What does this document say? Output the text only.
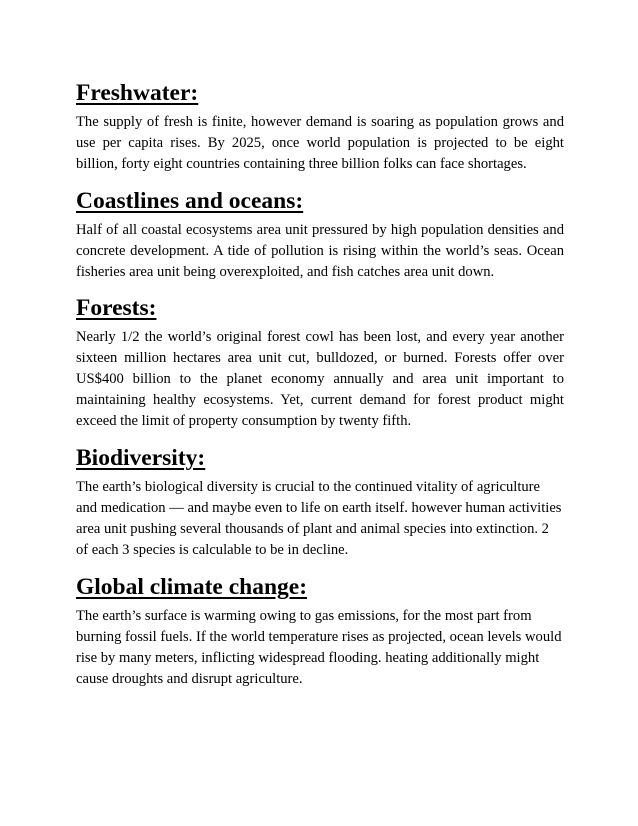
Freshwater:

The supply of fresh is finite, however demand is soaring as population grows and use per capita rises. By 2025, once world population is projected to be eight billion, forty eight countries containing three billion folks can face shortages.

Coastlines and oceans:

Half of all coastal ecosystems area unit pressured by high population densities and concrete development. A tide of pollution is rising within the world’s seas. Ocean fisheries area unit being overexploited, and fish catches area unit down.

Forests:

Nearly 1/2 the world’s original forest cowl has been lost, and every year another sixteen million hectares area unit cut, bulldozed, or burned. Forests offer over US$400 billion to the planet economy annually and area unit important to maintaining healthy ecosystems. Yet, current demand for forest product might exceed the limit of property consumption by twenty fifth.

Biodiversity:

The earth’s biological diversity is crucial to the continued vitality of agriculture and medication — and maybe even to life on earth itself. however human activities area unit pushing several thousands of plant and animal species into extinction. 2 of each 3 species is calculable to be in decline.

Global climate change:

The earth’s surface is warming owing to gas emissions, for the most part from burning fossil fuels. If the world temperature rises as projected, ocean levels would rise by many meters, inflicting widespread flooding. heating additionally might cause droughts and disrupt agriculture.
